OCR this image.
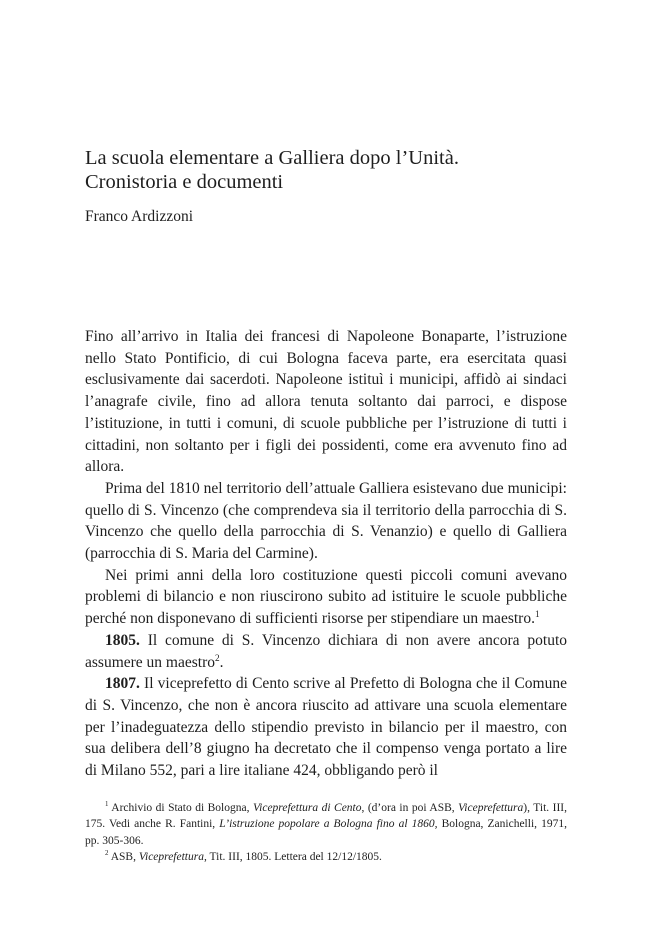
La scuola elementare a Galliera dopo l’Unità.
Cronistoria e documenti
Franco Ardizzoni

Fino all’arrivo in Italia dei francesi di Napoleone Bonaparte, l’istruzione nello Stato Pontificio, di cui Bologna faceva parte, era esercitata quasi esclusivamente dai sacerdoti. Napoleone istituì i municipi, affidò ai sindaci l’anagrafe civile, fino ad allora tenuta soltanto dai parroci, e dispose l’istituzione, in tutti i comuni, di scuole pubbliche per l’istruzione di tutti i cittadini, non soltanto per i figli dei possidenti, come era avvenuto fino ad allora.

Prima del 1810 nel territorio dell’attuale Galliera esistevano due municipi: quello di S. Vincenzo (che comprendeva sia il territorio della parrocchia di S. Vincenzo che quello della parrocchia di S. Venanzio) e quello di Galliera (parrocchia di S. Maria del Carmine).

Nei primi anni della loro costituzione questi piccoli comuni avevano problemi di bilancio e non riuscirono subito ad istituire le scuole pubbliche perché non disponevano di sufficienti risorse per stipendiare un maestro.$^1$

1805. Il comune di S. Vincenzo dichiara di non avere ancora potuto assumere un maestro$^2$.

1807. Il viceprefetto di Cento scrive al Prefetto di Bologna che il Comune di S. Vincenzo, che non è ancora riuscito ad attivare una scuola elementare per l’inadeguatezza dello stipendio previsto in bilancio per il maestro, con sua delibera dell’8 giugno ha decretato che il compenso venga portato a lire di Milano 552, pari a lire italiane 424, obbligando però il

$^1$ Archivio di Stato di Bologna, Viceprefettura di Cento, (d’ora in poi ASB, Viceprefettura), Tit. III, 175. Vedi anche R. Fantini, L’istruzione popolare a Bologna fino al 1860, Bologna, Zanichelli, 1971, pp. 305-306.

$^2$ ASB, Viceprefettura, Tit. III, 1805. Lettera del 12/12/1805.
